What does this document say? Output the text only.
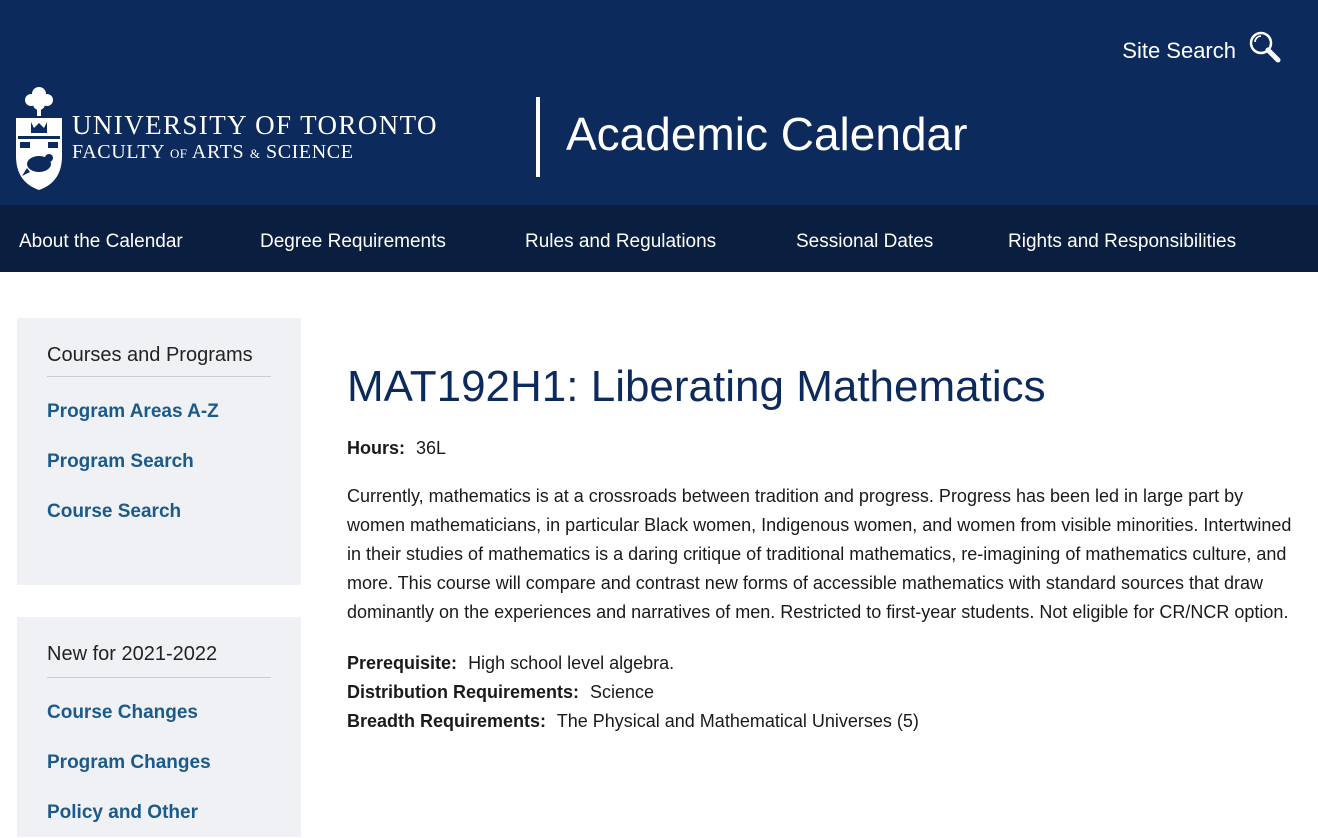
Site Search
UNIVERSITY OF TORONTO
FACULTY OF ARTS & SCIENCE	Academic Calendar
About the Calendar	Degree Requirements	Rules and Regulations	Sessional Dates	Rights and Responsibilities
Courses and Programs
Program Areas A-Z
Program Search
Course Search
New for 2021-2022
Course Changes
Program Changes
Policy and Other
MAT192H1: Liberating Mathematics
Hours: 36L

Currently, mathematics is at a crossroads between tradition and progress. Progress has been led in large part by women mathematicians, in particular Black women, Indigenous women, and women from visible minorities. Intertwined in their studies of mathematics is a daring critique of traditional mathematics, re-imagining of mathematics culture, and more. This course will compare and contrast new forms of accessible mathematics with standard sources that draw dominantly on the experiences and narratives of men. Restricted to first-year students. Not eligible for CR/NCR option.

Prerequisite: High school level algebra.
Distribution Requirements: Science
Breadth Requirements: The Physical and Mathematical Universes (5)
